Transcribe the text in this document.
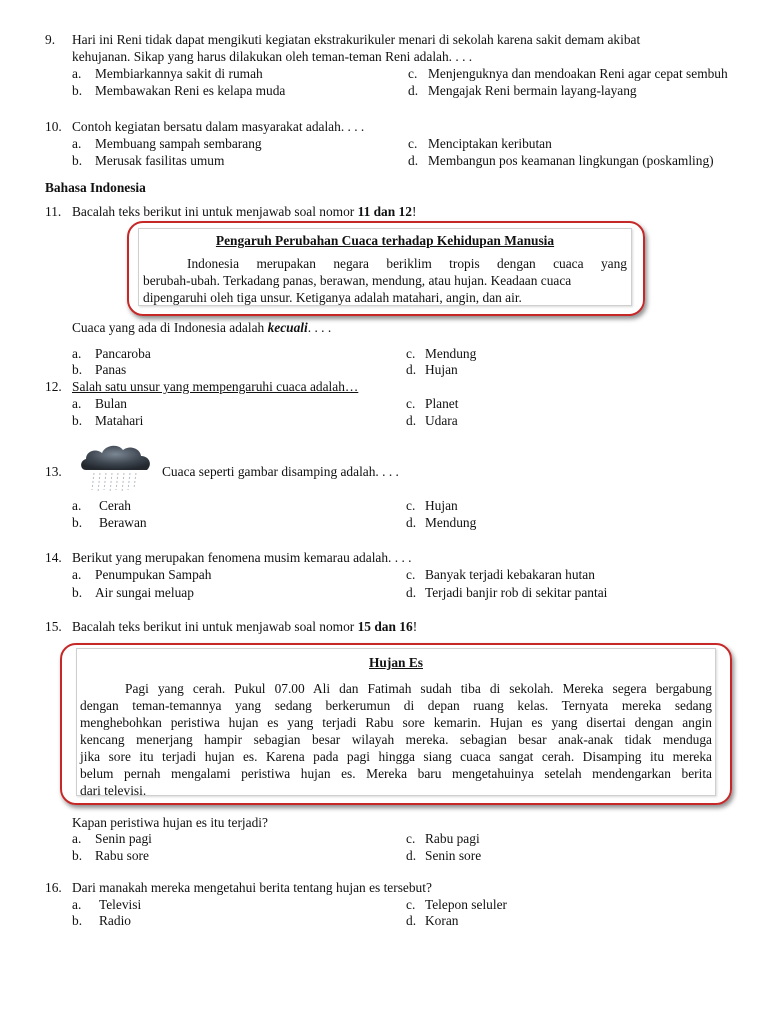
9. Hari ini Reni tidak dapat mengikuti kegiatan ekstrakurikuler menari di sekolah karena sakit demam akibat
kehujanan. Sikap yang harus dilakukan oleh teman-teman Reni adalah. . . .
a. Membiarkannya sakit di rumah
b. Membawakan Reni es kelapa muda
c. Menjenguknya dan mendoakan Reni agar cepat sembuh
d. Mengajak Reni bermain layang-layang
10. Contoh kegiatan bersatu dalam masyarakat adalah. . . .
a. Membuang sampah sembarang
b. Merusak fasilitas umum
c. Menciptakan keributan
d. Membangun pos keamanan lingkungan (poskamling)
Bahasa Indonesia
11. Bacalah teks berikut ini untuk menjawab soal nomor 11 dan 12!
Pengaruh Perubahan Cuaca terhadap Kehidupan Manusia
Indonesia merupakan negara beriklim tropis dengan cuaca yang
berubah-ubah. Terkadang panas, berawan, mendung, atau hujan. Keadaan cuaca
dipengaruhi oleh tiga unsur. Ketiganya adalah matahari, angin, dan air.
Cuaca yang ada di Indonesia adalah kecuali. . . .
a. Pancaroba
b. Panas
c. Mendung
d. Hujan
12. Salah satu unsur yang mempengaruhi cuaca adalah…
a. Bulan
b. Matahari
c. Planet
d. Udara
13.	Cuaca seperti gambar disamping adalah. . . .
a. Cerah
b. Berawan
c. Hujan
d. Mendung
14. Berikut yang merupakan fenomena musim kemarau adalah. . . .
a. Penumpukan Sampah
b. Air sungai meluap
c. Banyak terjadi kebakaran hutan
d. Terjadi banjir rob di sekitar pantai
15. Bacalah teks berikut ini untuk menjawab soal nomor 15 dan 16!
Hujan Es
Pagi yang cerah. Pukul 07.00 Ali dan Fatimah sudah tiba di sekolah. Mereka segera bergabung
dengan teman-temannya yang sedang berkerumun di depan ruang kelas. Ternyata mereka sedang
menghebohkan peristiwa hujan es yang terjadi Rabu sore kemarin. Hujan es yang disertai dengan angin
kencang menerjang hampir sebagian besar wilayah mereka. sebagian besar anak-anak tidak menduga
jika sore itu terjadi hujan es. Karena pada pagi hingga siang cuaca sangat cerah. Disamping itu mereka
belum pernah mengalami peristiwa hujan es. Mereka baru mengetahuinya setelah mendengarkan berita
dari televisi.
Kapan peristiwa hujan es itu terjadi?
a. Senin pagi
b. Rabu sore
c. Rabu pagi
d. Senin sore
16. Dari manakah mereka mengetahui berita tentang hujan es tersebut?
a. Televisi
b. Radio
c. Telepon seluler
d. Koran
